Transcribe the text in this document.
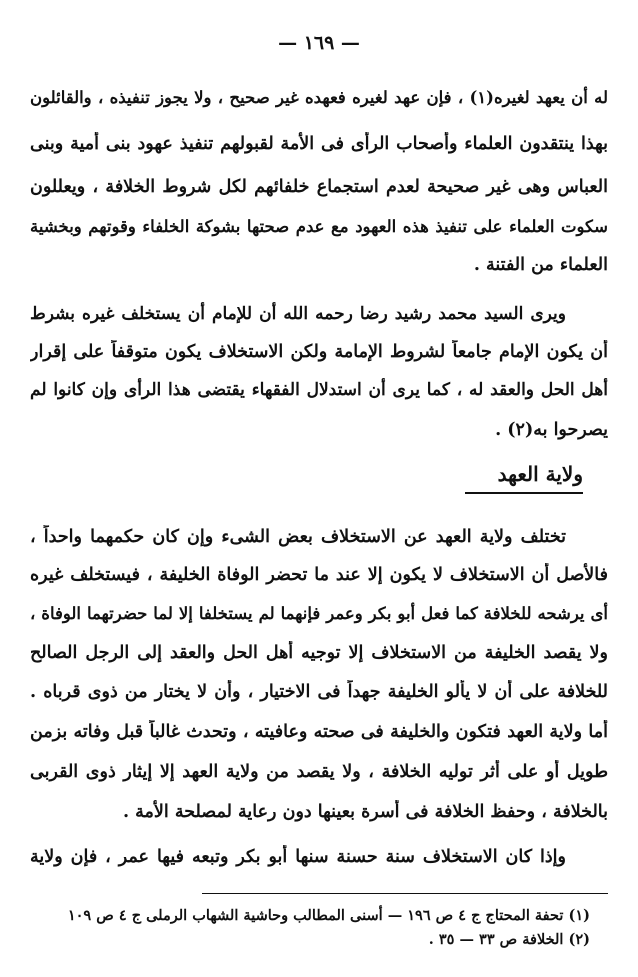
— ١٦٩ —
له أن يعهد لغيره(١) ، فإن عهد لغيره فعهده غير صحيح ، ولا يجوز تنفيذه ، والقائلون
بهذا ينتقدون العلماء وأصحاب الرأى فى الأمة لقبولهم تنفيذ عهود بنى أمية وبنى
العباس وهى غير صحيحة لعدم استجماع خلفائهم لكل شروط الخلافة ، ويعللون
سكوت العلماء على تنفيذ هذه العهود مع عدم صحتها بشوكة الخلفاء وقوتهم وبخشية
العلماء من الفتنة .
ويرى السيد محمد رشيد رضا رحمه الله أن للإمام أن يستخلف غيره بشرط
أن يكون الإمام جامعاً لشروط الإمامة ولكن الاستخلاف يكون متوقفاً على إقرار
أهل الحل والعقد له ، كما يرى أن استدلال الفقهاء يقتضى هذا الرأى وإن كانوا لم
يصرحوا به(٢) .
ولاية العهد
تختلف ولاية العهد عن الاستخلاف بعض الشىء وإن كان حكمهما واحداً ،
فالأصل أن الاستخلاف لا يكون إلا عند ما تحضر الوفاة الخليفة ، فيستخلف غيره
أى يرشحه للخلافة كما فعل أبو بكر وعمر فإنهما لم يستخلفا إلا لما حضرتهما الوفاة ،
ولا يقصد الخليفة من الاستخلاف إلا توجيه أهل الحل والعقد إلى الرجل الصالح
للخلافة على أن لا يألو الخليفة جهداً فى الاختيار ، وأن لا يختار من ذوى قرباه .
أما ولاية العهد فتكون والخليفة فى صحته وعافيته ، وتحدث غالباً قبل وفاته بزمن
طويل أو على أثر توليه الخلافة ، ولا يقصد من ولاية العهد إلا إيثار ذوى القربى
بالخلافة ، وحفظ الخلافة فى أسرة بعينها دون رعاية لمصلحة الأمة .
وإذا كان الاستخلاف سنة حسنة سنها أبو بكر وتبعه فيها عمر ، فإن ولاية
(١) تحفة المحتاج ج ٤ ص ١٩٦ — أسنى المطالب وحاشية الشهاب الرملى ج ٤ ص ١٠٩
(٢) الخلافة ص ٣٣ — ٣٥ .
